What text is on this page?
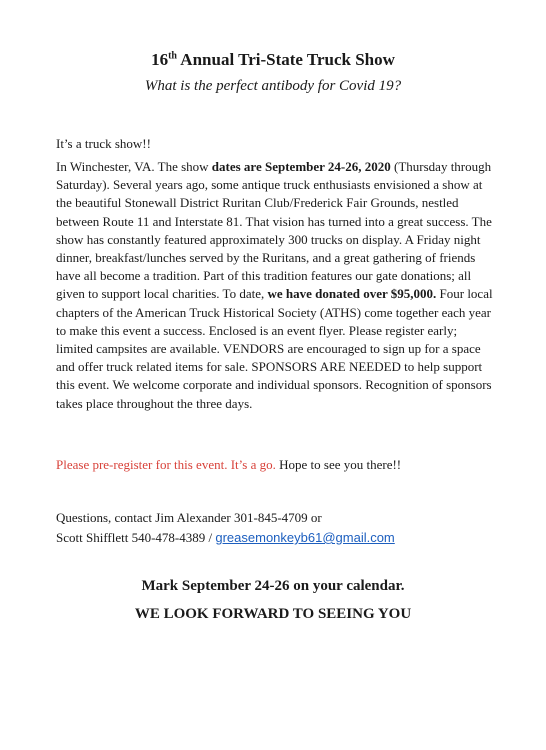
16th Annual Tri-State Truck Show
What is the perfect antibody for Covid 19?
It’s a truck show!!
In Winchester, VA. The show dates are September 24-26, 2020 (Thursday through Saturday). Several years ago, some antique truck enthusiasts envisioned a show at the beautiful Stonewall District Ruritan Club/Frederick Fair Grounds, nestled between Route 11 and Interstate 81. That vision has turned into a great success. The show has constantly featured approximately 300 trucks on display. A Friday night dinner, breakfast/lunches served by the Ruritans, and a great gathering of friends have all become a tradition. Part of this tradition features our gate donations; all given to support local charities. To date, we have donated over $95,000. Four local chapters of the American Truck Historical Society (ATHS) come together each year to make this event a success. Enclosed is an event flyer. Please register early; limited campsites are available. VENDORS are encouraged to sign up for a space and offer truck related items for sale. SPONSORS ARE NEEDED to help support this event. We welcome corporate and individual sponsors. Recognition of sponsors takes place throughout the three days.
Please pre-register for this event. It’s a go. Hope to see you there!!
Questions, contact Jim Alexander 301-845-4709 or
Scott Shifflett 540-478-4389 / greasemonkeyb61@gmail.com
Mark September 24-26 on your calendar.
WE LOOK FORWARD TO SEEING YOU
